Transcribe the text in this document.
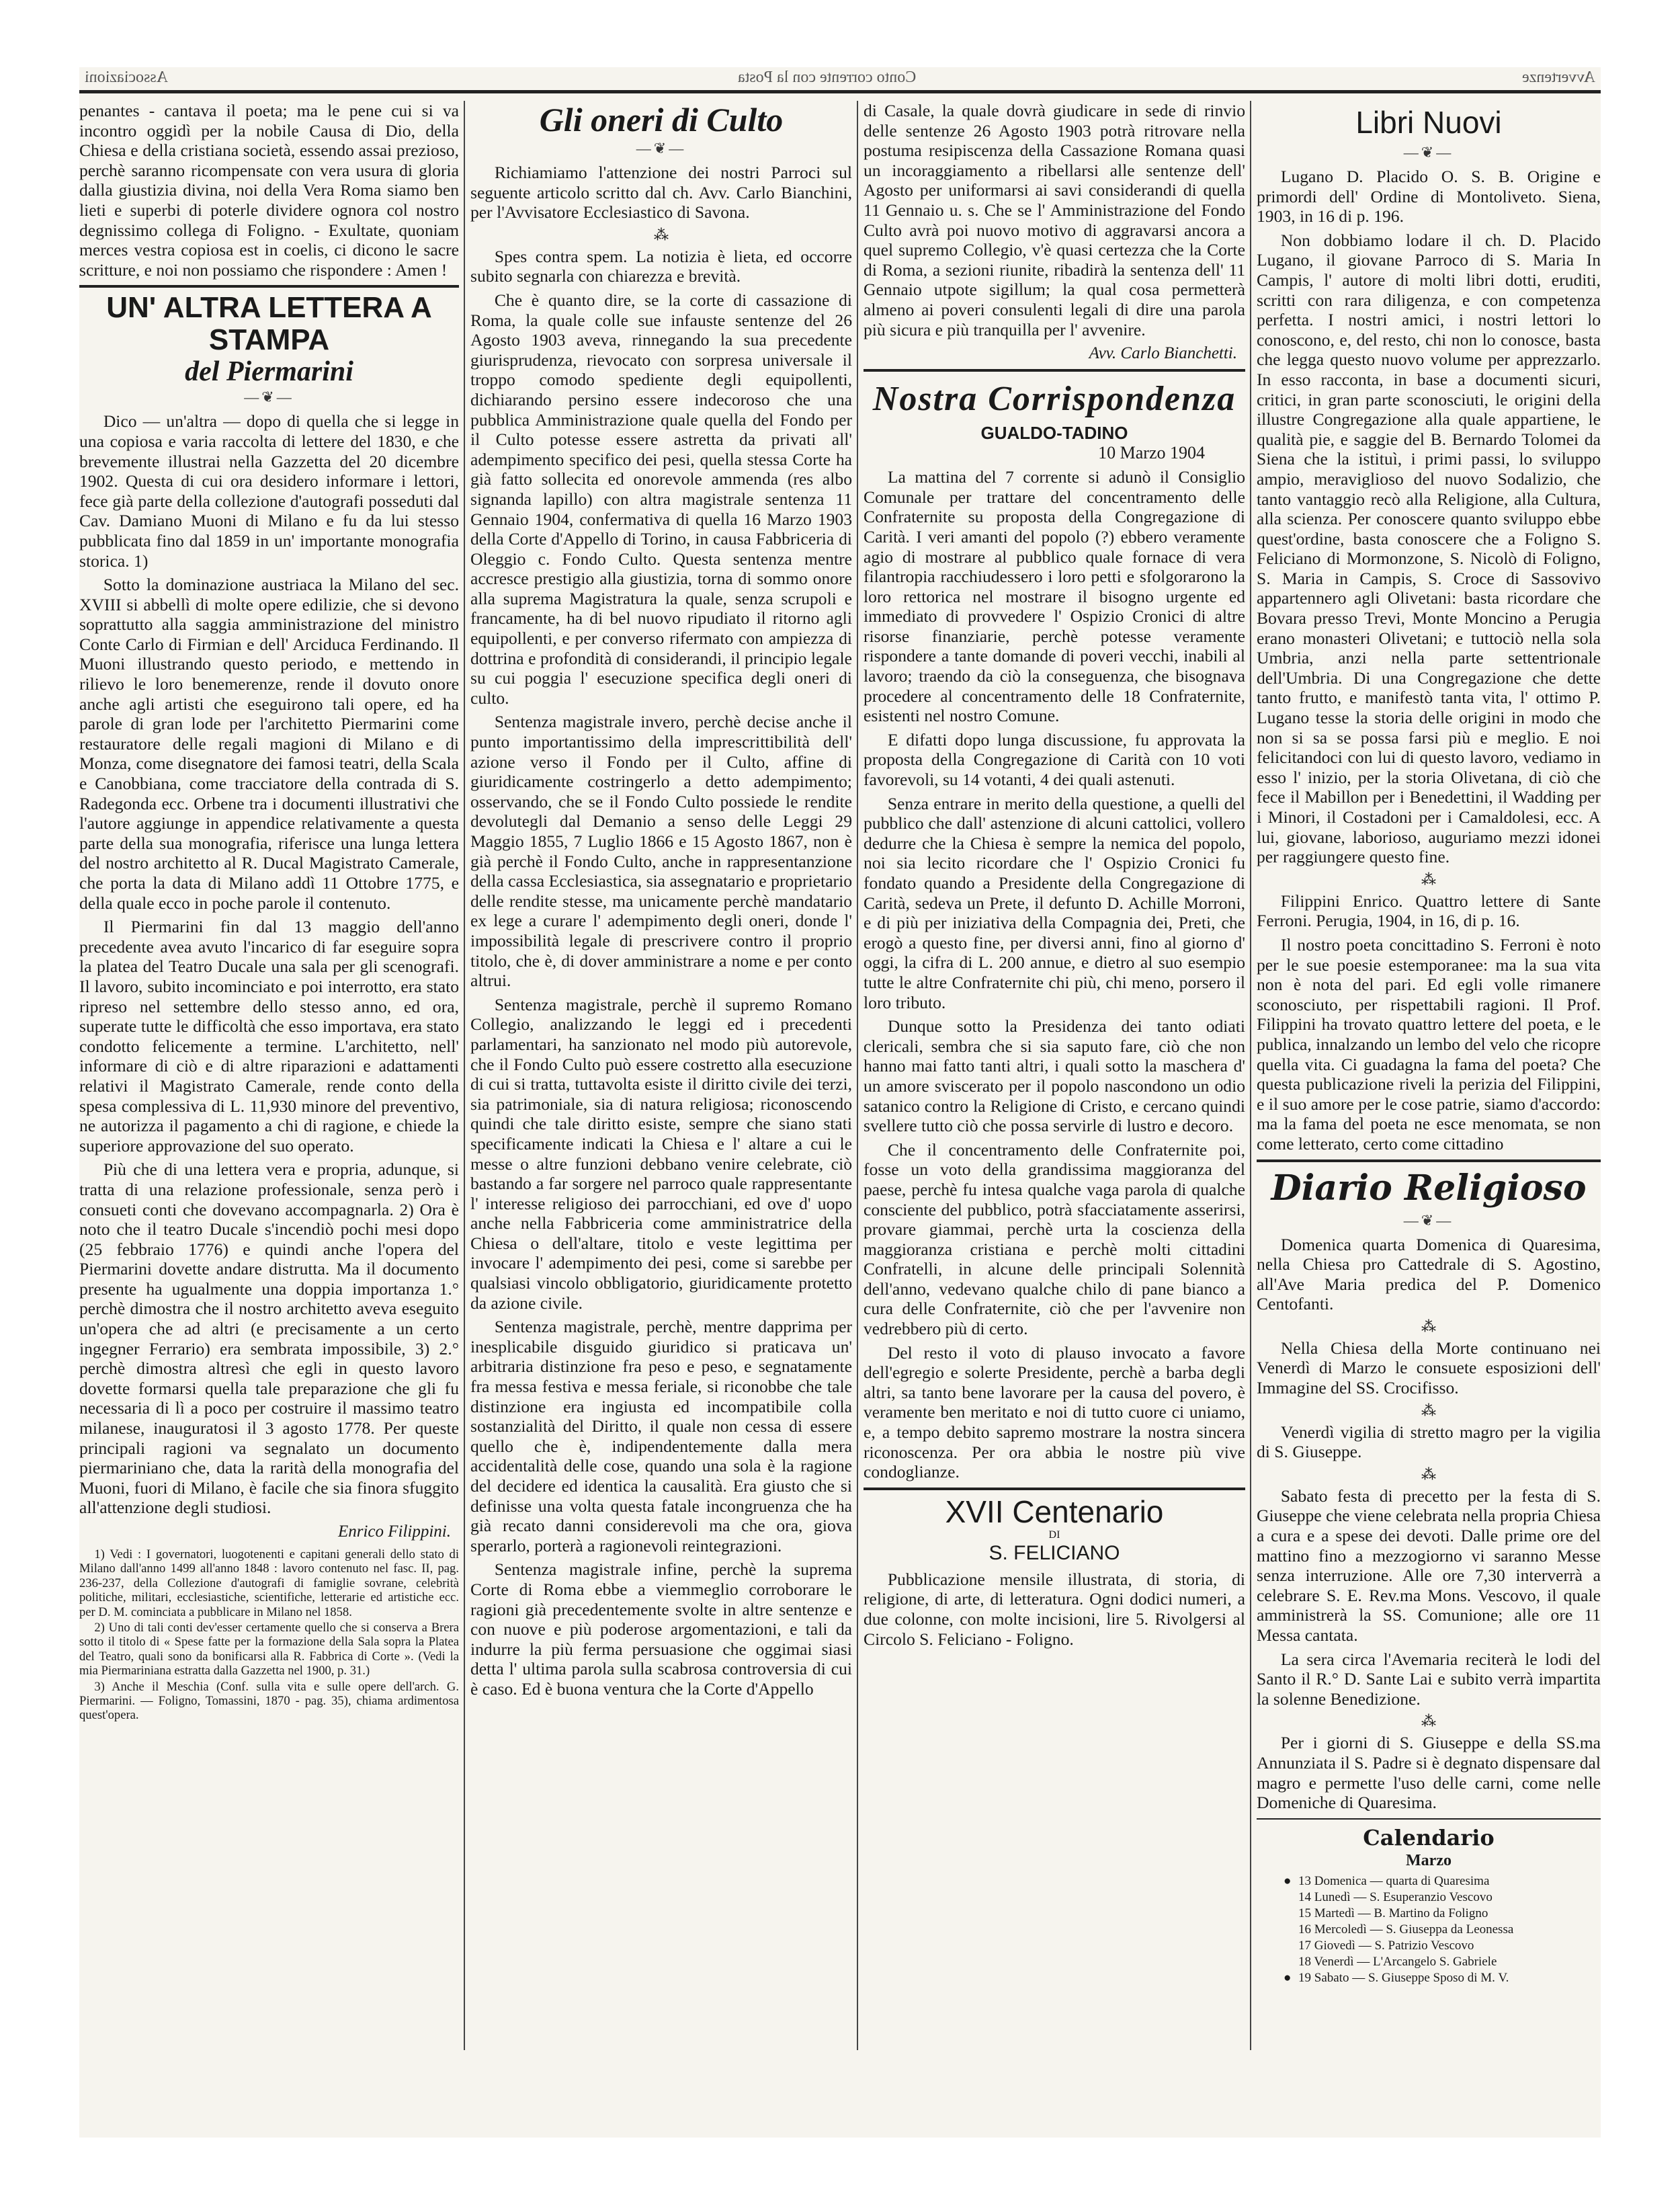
Associazioni	Conto corrente con la Posta	Avvertenze

penantes - cantava il poeta; ma le pene cui si va incontro oggidì per la nobile Causa di Dio, della Chiesa e della cristiana società, essendo assai prezioso, perchè saranno ricompensate con vera usura di gloria dalla giustizia divina, noi della Vera Roma siamo ben lieti e superbi di poterle dividere ognora col nostro degnissimo collega di Foligno. - Exultate, quoniam merces vestra copiosa est in coelis, ci dicono le sacre scritture, e noi non possiamo che rispondere : Amen !

UN' ALTRA LETTERA A STAMPA
del Piermarini
—❦—

Dico — un'altra — dopo di quella che si legge in una copiosa e varia raccolta di lettere del 1830, e che brevemente illustrai nella Gazzetta del 20 dicembre 1902. Questa di cui ora desidero informare i lettori, fece già parte della collezione d'autografi posseduti dal Cav. Damiano Muoni di Milano e fu da lui stesso pubblicata fino dal 1859 in un' importante monografia storica. 1)

Sotto la dominazione austriaca la Milano del sec. XVIII si abbellì di molte opere edilizie, che si devono soprattutto alla saggia amministrazione del ministro Conte Carlo di Firmian e dell' Arciduca Ferdinando. Il Muoni illustrando questo periodo, e mettendo in rilievo le loro benemerenze, rende il dovuto onore anche agli artisti che eseguirono tali opere, ed ha parole di gran lode per l'architetto Piermarini come restauratore delle regali magioni di Milano e di Monza, come disegnatore dei famosi teatri, della Scala e Canobbiana, come tracciatore della contrada di S. Radegonda ecc. Orbene tra i documenti illustrativi che l'autore aggiunge in appendice relativamente a questa parte della sua monografia, riferisce una lunga lettera del nostro architetto al R. Ducal Magistrato Camerale, che porta la data di Milano addì 11 Ottobre 1775, e della quale ecco in poche parole il contenuto.

Il Piermarini fin dal 13 maggio dell'anno precedente avea avuto l'incarico di far eseguire sopra la platea del Teatro Ducale una sala per gli scenografi. Il lavoro, subito incominciato e poi interrotto, era stato ripreso nel settembre dello stesso anno, ed ora, superate tutte le difficoltà che esso importava, era stato condotto felicemente a termine. L'architetto, nell' informare di ciò e di altre riparazioni e adattamenti relativi il Magistrato Camerale, rende conto della spesa complessiva di L. 11,930 minore del preventivo, ne autorizza il pagamento a chi di ragione, e chiede la superiore approvazione del suo operato.

Più che di una lettera vera e propria, adunque, si tratta di una relazione professionale, senza però i consueti conti che dovevano accompagnarla. 2) Ora è noto che il teatro Ducale s'incendiò pochi mesi dopo (25 febbraio 1776) e quindi anche l'opera del Piermarini dovette andare distrutta. Ma il documento presente ha ugualmente una doppia importanza 1.° perchè dimostra che il nostro architetto aveva eseguito un'opera che ad altri (e precisamente a un certo ingegner Ferrario) era sembrata impossibile, 3) 2.° perchè dimostra altresì che egli in questo lavoro dovette formarsi quella tale preparazione che gli fu necessaria di lì a poco per costruire il massimo teatro milanese, inauguratosi il 3 agosto 1778. Per queste principali ragioni va segnalato un documento piermariniano che, data la rarità della monografia del Muoni, fuori di Milano, è facile che sia finora sfuggito all'attenzione degli studiosi.

Enrico Filippini.
1) Vedi : I governatori, luogotenenti e capitani generali dello stato di Milano dall'anno 1499 all'anno 1848 : lavoro contenuto nel fasc. II, pag. 236-237, della Collezione d'autografi di famiglie sovrane, celebrità politiche, militari, ecclesiastiche, scientifiche, letterarie ed artistiche ecc. per D. M. cominciata a pubblicare in Milano nel 1858.
2) Uno di tali conti dev'esser certamente quello che si conserva a Brera sotto il titolo di « Spese fatte per la formazione della Sala sopra la Platea del Teatro, quali sono da bonificarsi alla R. Fabbrica di Corte ». (Vedi la mia Piermariniana estratta dalla Gazzetta nel 1900, p. 31.)
3) Anche il Meschia (Conf. sulla vita e sulle opere dell'arch. G. Piermarini. — Foligno, Tomassini, 1870 - pag. 35), chiama ardimentosa quest'opera.
Gli oneri di Culto
—❦—

Richiamiamo l'attenzione dei nostri Parroci sul seguente articolo scritto dal ch. Avv. Carlo Bianchini, per l'Avvisatore Ecclesiastico di Savona.

⁂

Spes contra spem. La notizia è lieta, ed occorre subito segnarla con chiarezza e brevità.

Che è quanto dire, se la corte di cassazione di Roma, la quale colle sue infauste sentenze del 26 Agosto 1903 aveva, rinnegando la sua precedente giurisprudenza, rievocato con sorpresa universale il troppo comodo spediente degli equipollenti, dichiarando persino essere indecoroso che una pubblica Amministrazione quale quella del Fondo per il Culto potesse essere astretta da privati all' adempimento specifico dei pesi, quella stessa Corte ha già fatto sollecita ed onorevole ammenda (res albo signanda lapillo) con altra magistrale sentenza 11 Gennaio 1904, confermativa di quella 16 Marzo 1903 della Corte d'Appello di Torino, in causa Fabbriceria di Oleggio c. Fondo Culto. Questa sentenza mentre accresce prestigio alla giustizia, torna di sommo onore alla suprema Magistratura la quale, senza scrupoli e francamente, ha di bel nuovo ripudiato il ritorno agli equipollenti, e per converso rifermato con ampiezza di dottrina e profondità di considerandi, il principio legale su cui poggia l' esecuzione specifica degli oneri di culto.

Sentenza magistrale invero, perchè decise anche il punto importantissimo della imprescrittibilità dell' azione verso il Fondo per il Culto, affine di giuridicamente costringerlo a detto adempimento; osservando, che se il Fondo Culto possiede le rendite devolutegli dal Demanio a senso delle Leggi 29 Maggio 1855, 7 Luglio 1866 e 15 Agosto 1867, non è già perchè il Fondo Culto, anche in rappresentanzione della cassa Ecclesiastica, sia assegnatario e proprietario delle rendite stesse, ma unicamente perchè mandatario ex lege a curare l' adempimento degli oneri, donde l' impossibilità legale di prescrivere contro il proprio titolo, che è, di dover amministrare a nome e per conto altrui.

Sentenza magistrale, perchè il supremo Romano Collegio, analizzando le leggi ed i precedenti parlamentari, ha sanzionato nel modo più autorevole, che il Fondo Culto può essere costretto alla esecuzione di cui si tratta, tuttavolta esiste il diritto civile dei terzi, sia patrimoniale, sia di natura religiosa; riconoscendo quindi che tale diritto esiste, sempre che siano stati specificamente indicati la Chiesa e l' altare a cui le messe o altre funzioni debbano venire celebrate, ciò bastando a far sorgere nel parroco quale rappresentante l' interesse religioso dei parrocchiani, ed ove d' uopo anche nella Fabbriceria come amministratrice della Chiesa o dell'altare, titolo e veste legittima per invocare l' adempimento dei pesi, come si sarebbe per qualsiasi vincolo obbligatorio, giuridicamente protetto da azione civile.

Sentenza magistrale, perchè, mentre dapprima per inesplicabile disguido giuridico si praticava un' arbitraria distinzione fra peso e peso, e segnatamente fra messa festiva e messa feriale, si riconobbe che tale distinzione era ingiusta ed incompatibile colla sostanzialità del Diritto, il quale non cessa di essere quello che è, indipendentemente dalla mera accidentalità delle cose, quando una sola è la ragione del decidere ed identica la causalità. Era giusto che si definisse una volta questa fatale incongruenza che ha già recato danni considerevoli ma che ora, giova sperarlo, porterà a ragionevoli reintegrazioni.

Sentenza magistrale infine, perchè la suprema Corte di Roma ebbe a viemmeglio corroborare le ragioni già precedentemente svolte in altre sentenze e con nuove e più poderose argomentazioni, e tali da indurre la più ferma persuasione che oggimai siasi detta l' ultima parola sulla scabrosa controversia di cui è caso. Ed è buona ventura che la Corte d'Appello

di Casale, la quale dovrà giudicare in sede di rinvio delle sentenze 26 Agosto 1903 potrà ritrovare nella postuma resipiscenza della Cassazione Romana quasi un incoraggiamento a ribellarsi alle sentenze dell' Agosto per uniformarsi ai savi considerandi di quella 11 Gennaio u. s. Che se l' Amministrazione del Fondo Culto avrà poi nuovo motivo di aggravarsi ancora a quel supremo Collegio, v'è quasi certezza che la Corte di Roma, a sezioni riunite, ribadirà la sentenza dell' 11 Gennaio utpote sigillum; la qual cosa permetterà almeno ai poveri consulenti legali di dire una parola più sicura e più tranquilla per l' avvenire.

Avv. Carlo Bianchetti.
Nostra Corrispondenza
GUALDO-TADINO
10 Marzo 1904

La mattina del 7 corrente si adunò il Consiglio Comunale per trattare del concentramento delle Confraternite su proposta della Congregazione di Carità. I veri amanti del popolo (?) ebbero veramente agio di mostrare al pubblico quale fornace di vera filantropia racchiudessero i loro petti e sfolgorarono la loro rettorica nel mostrare il bisogno urgente ed immediato di provvedere l' Ospizio Cronici di altre risorse finanziarie, perchè potesse veramente rispondere a tante domande di poveri vecchi, inabili al lavoro; traendo da ciò la conseguenza, che bisognava procedere al concentramento delle 18 Confraternite, esistenti nel nostro Comune.

E difatti dopo lunga discussione, fu approvata la proposta della Congregazione di Carità con 10 voti favorevoli, su 14 votanti, 4 dei quali astenuti.

Senza entrare in merito della questione, a quelli del pubblico che dall' astenzione di alcuni cattolici, vollero dedurre che la Chiesa è sempre la nemica del popolo, noi sia lecito ricordare che l' Ospizio Cronici fu fondato quando a Presidente della Congregazione di Carità, sedeva un Prete, il defunto D. Achille Morroni, e di più per iniziativa della Compagnia dei, Preti, che erogò a questo fine, per diversi anni, fino al giorno d' oggi, la cifra di L. 200 annue, e dietro al suo esempio tutte le altre Confraternite chi più, chi meno, porsero il loro tributo.

Dunque sotto la Presidenza dei tanto odiati clericali, sembra che si sia saputo fare, ciò che non hanno mai fatto tanti altri, i quali sotto la maschera d' un amore sviscerato per il popolo nascondono un odio satanico contro la Religione di Cristo, e cercano quindi svellere tutto ciò che possa servirle di lustro e decoro.

Che il concentramento delle Confraternite poi, fosse un voto della grandissima maggioranza del paese, perchè fu intesa qualche vaga parola di qualche consciente del pubblico, potrà sfacciatamente asserirsi, provare giammai, perchè urta la coscienza della maggioranza cristiana e perchè molti cittadini Confratelli, in alcune delle principali Solennità dell'anno, vedevano qualche chilo di pane bianco a cura delle Confraternite, ciò che per l'avvenire non vedrebbero più di certo.

Del resto il voto di plauso invocato a favore dell'egregio e solerte Presidente, perchè a barba degli altri, sa tanto bene lavorare per la causa del povero, è veramente ben meritato e noi di tutto cuore ci uniamo, e, a tempo debito sapremo mostrare la nostra sincera riconoscenza. Per ora abbia le nostre più vive condoglianze.

XVII Centenario
DI
S. FELICIANO

Pubblicazione mensile illustrata, di storia, di religione, di arte, di letteratura. Ogni dodici numeri, a due colonne, con molte incisioni, lire 5. Rivolgersi al Circolo S. Feliciano - Foligno.

Libri Nuovi
—❦—

Lugano D. Placido O. S. B. Origine e primordi dell' Ordine di Montoliveto. Siena, 1903, in 16 di p. 196.

Non dobbiamo lodare il ch. D. Placido Lugano, il giovane Parroco di S. Maria In Campis, l' autore di molti libri dotti, eruditi, scritti con rara diligenza, e con competenza perfetta. I nostri amici, i nostri lettori lo conoscono, e, del resto, chi non lo conosce, basta che legga questo nuovo volume per apprezzarlo. In esso racconta, in base a documenti sicuri, critici, in gran parte sconosciuti, le origini della illustre Congregazione alla quale appartiene, le qualità pie, e saggie del B. Bernardo Tolomei da Siena che la istituì, i primi passi, lo sviluppo ampio, meraviglioso del nuovo Sodalizio, che tanto vantaggio recò alla Religione, alla Cultura, alla scienza. Per conoscere quanto sviluppo ebbe quest'ordine, basta conoscere che a Foligno S. Feliciano di Mormonzone, S. Nicolò di Foligno, S. Maria in Campis, S. Croce di Sassovivo appartennero agli Olivetani: basta ricordare che Bovara presso Trevi, Monte Moncino a Perugia erano monasteri Olivetani; e tuttociò nella sola Umbria, anzi nella parte settentrionale dell'Umbria. Di una Congregazione che dette tanto frutto, e manifestò tanta vita, l' ottimo P. Lugano tesse la storia delle origini in modo che non si sa se possa farsi più e meglio. E noi felicitandoci con lui di questo lavoro, vediamo in esso l' inizio, per la storia Olivetana, di ciò che fece il Mabillon per i Benedettini, il Wadding per i Minori, il Costadoni per i Camaldolesi, ecc. A lui, giovane, laborioso, auguriamo mezzi idonei per raggiungere questo fine.

⁂

Filippini Enrico. Quattro lettere di Sante Ferroni. Perugia, 1904, in 16, di p. 16.

Il nostro poeta concittadino S. Ferroni è noto per le sue poesie estemporanee: ma la sua vita non è nota del pari. Ed egli volle rimanere sconosciuto, per rispettabili ragioni. Il Prof. Filippini ha trovato quattro lettere del poeta, e le publica, innalzando un lembo del velo che ricopre quella vita. Ci guadagna la fama del poeta? Che questa publicazione riveli la perizia del Filippini, e il suo amore per le cose patrie, siamo d'accordo: ma la fama del poeta ne esce menomata, se non come letterato, certo come cittadino

Diario Religioso
—❦—

Domenica quarta Domenica di Quaresima, nella Chiesa pro Cattedrale di S. Agostino, all'Ave Maria predica del P. Domenico Centofanti.

⁂

Nella Chiesa della Morte continuano nei Venerdì di Marzo le consuete esposizioni dell' Immagine del SS. Crocifisso.

⁂

Venerdì vigilia di stretto magro per la vigilia di S. Giuseppe.

⁂

Sabato festa di precetto per la festa di S. Giuseppe che viene celebrata nella propria Chiesa a cura e a spese dei devoti. Dalle prime ore del mattino fino a mezzogiorno vi saranno Messe senza interruzione. Alle ore 7,30 interverrà a celebrare S. E. Rev.ma Mons. Vescovo, il quale amministrerà la SS. Comunione; alle ore 11 Messa cantata.

La sera circa l'Avemaria reciterà le lodi del Santo il R.° D. Sante Lai e subito verrà impartita la solenne Benedizione.

⁂

Per i giorni di S. Giuseppe e della SS.ma Annunziata il S. Padre si è degnato dispensare dal magro e permette l'uso delle carni, come nelle Domeniche di Quaresima.

Calendario
Marzo
● 13 Domenica — quarta di Quaresima
14 Lunedì — S. Esuperanzio Vescovo
15 Martedì — B. Martino da Foligno
16 Mercoledì — S. Giuseppa da Leonessa
17 Giovedì — S. Patrizio Vescovo
18 Venerdì — L'Arcangelo S. Gabriele
● 19 Sabato — S. Giuseppe Sposo di M. V.
